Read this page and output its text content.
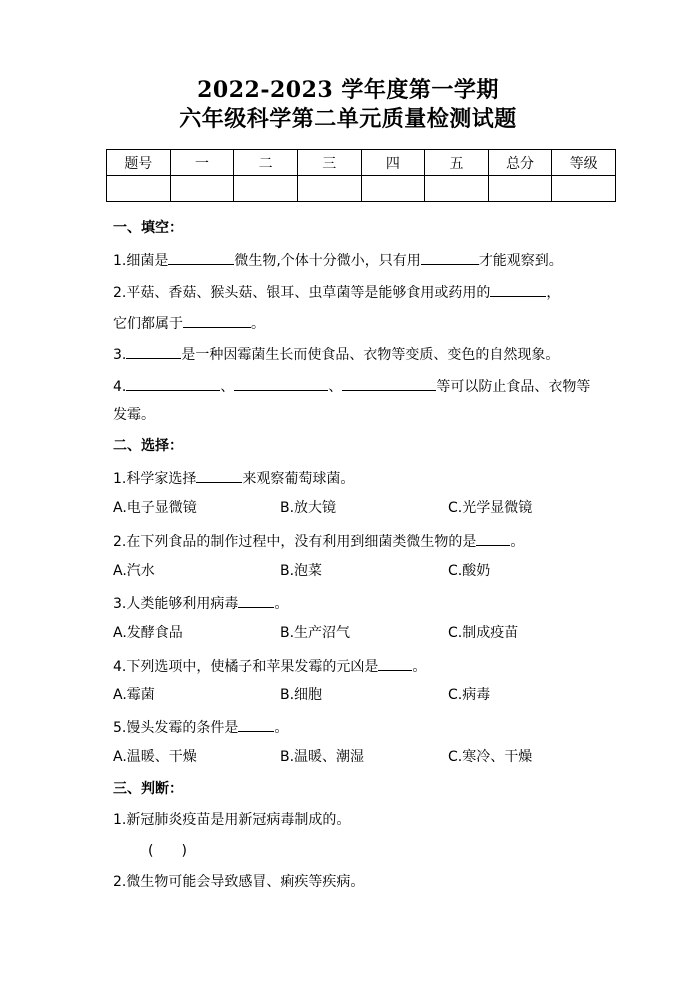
2022-2023 学年度第一学期
六年级科学第二单元质量检测试题
题号	一	二	三	四	五	总分	等级

一、填空：
1.细菌是	微生物,个体十分微小，只有用	才能观察到。
2.平菇、香菇、猴头菇、银耳、虫草菌等是能够食用或药用的	，
它们都属于	。
3.	是一种因霉菌生长而使食品、衣物等变质、变色的自然现象。
4.	、	、	等可以防止食品、衣物等
发霉。
二、选择：
1.科学家选择	来观察葡萄球菌。
A.电子显微镜	B.放大镜	C.光学显微镜
2.在下列食品的制作过程中，没有利用到细菌类微生物的是 。
A.汽水	B.泡菜	C.酸奶
3.人类能够利用病毒	。
A.发酵食品	B.生产沼气	C.制成疫苗
4.下列选项中，使橘子和苹果发霉的元凶是 。
A.霉菌	B.细胞	C.病毒
5.馒头发霉的条件是	。
A.温暖、干燥	B.温暖、潮湿	C.寒冷、干燥
三、判断：
1.新冠肺炎疫苗是用新冠病毒制成的。
(　　)
2.微生物可能会导致感冒、痢疾等疾病。
